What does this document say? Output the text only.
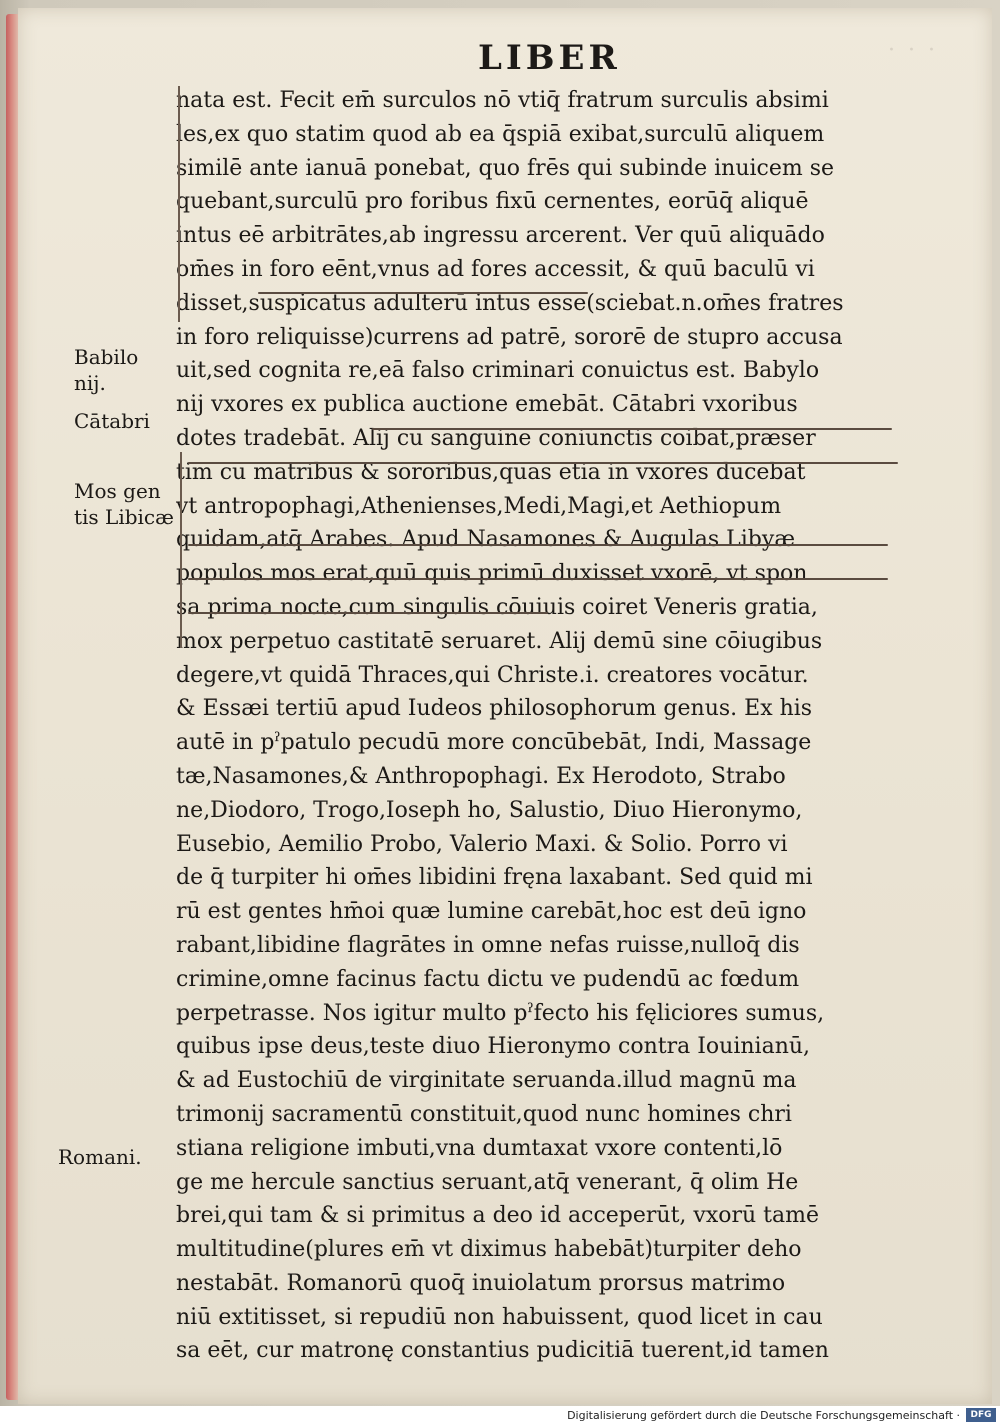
LIBER	· · ·
nata est. Fecit em̄ surculos nō vtiq̄ fratrum surculis absimi
les,ex quo statim quod ab ea q̄spiā exibat,surculū aliquem
similē ante ianuā ponebat, quo frēs qui subinde inuicem se
quebant,surculū pro foribus fixū cernentes, eorūq̄ aliquē
intus eē arbitrātes,ab ingressu arcerent. Ver quū aliquādo
om̄es in foro eēnt,vnus ad fores accessit, & quū baculū vi
disset,suspicatus adulterū intus esse(sciebat.n.om̄es fratres
in foro reliquisse)currens ad patrē, sororē de stupro accusa
uit,sed cognita re,eā falso criminari conuictus est. Babylo
nij vxores ex publica auctione emebāt. Cātabri vxoribus
dotes tradebāt. Alij cū sanguine coniunctis coibāt,præser
tim cū matribus & sororibus,quas etiā in vxores ducebāt
vt antropophagi,Athenienses,Medi,Magi,et Aethiopum
quidam,atq̄ Arabes. Apud Nasamones & Augulas Libyæ
populos mos erat,quū quis primū duxisset vxorē, vt spon
sa prima nocte,cum singulis cōuiuis coiret Veneris gratia,
mox perpetuo castitatē seruaret. Alij demū sine cōiugibus
degere,vt quidā Thraces,qui Christe.i. creatores vocātur.
& Essæi tertiū apud Iudeos philosophorum genus. Ex his
autē in pˀpatulo pecudū more concūbebāt, Indi, Massage
tæ,Nasamones,& Anthropophagi. Ex Herodoto, Strabo
ne,Diodoro, Trogo,Ioseph ho, Salustio, Diuo Hieronymo,
Eusebio, Aemilio Probo, Valerio Maxi. & Solio. Porro vi
de q̄ turpiter hi om̄es libidini fręna laxabant. Sed quid mi
rū est gentes hm̄oi quæ lumine carebāt,hoc est deū igno
rabant,libidine flagrātes in omne nefas ruisse,nulloq̄ dis
crimine,omne facinus factu dictu ve pudendū ac fœdum
perpetrasse. Nos igitur multo pˀfecto his fęliciores sumus,
quibus ipse deus,teste diuo Hieronymo contra Iouinianū,
& ad Eustochiū de virginitate seruanda.illud magnū ma
trimonij sacramentū constituit,quod nunc homines chri
stiana religione imbuti,vna dumtaxat vxore contenti,lō
ge me hercule sanctius seruant,atq̄ venerant, q̄ olim He
brei,qui tam & si primitus a deo id acceperūt, vxorū tamē
multitudine(plures em̄ vt diximus habebāt)turpiter deho
nestabāt. Romanorū quoq̄ inuiolatum prorsus matrimo
niū extitisset, si repudiū non habuissent, quod licet in cau
sa eēt, cur matronę constantius pudicitiā tuerent,id tamen
Babilo
nij.
Cātabri
Mos gen
tis Libicæ
Romani.
Digitalisierung gefördert durch die Deutsche Forschungsgemeinschaft ·	DFG
